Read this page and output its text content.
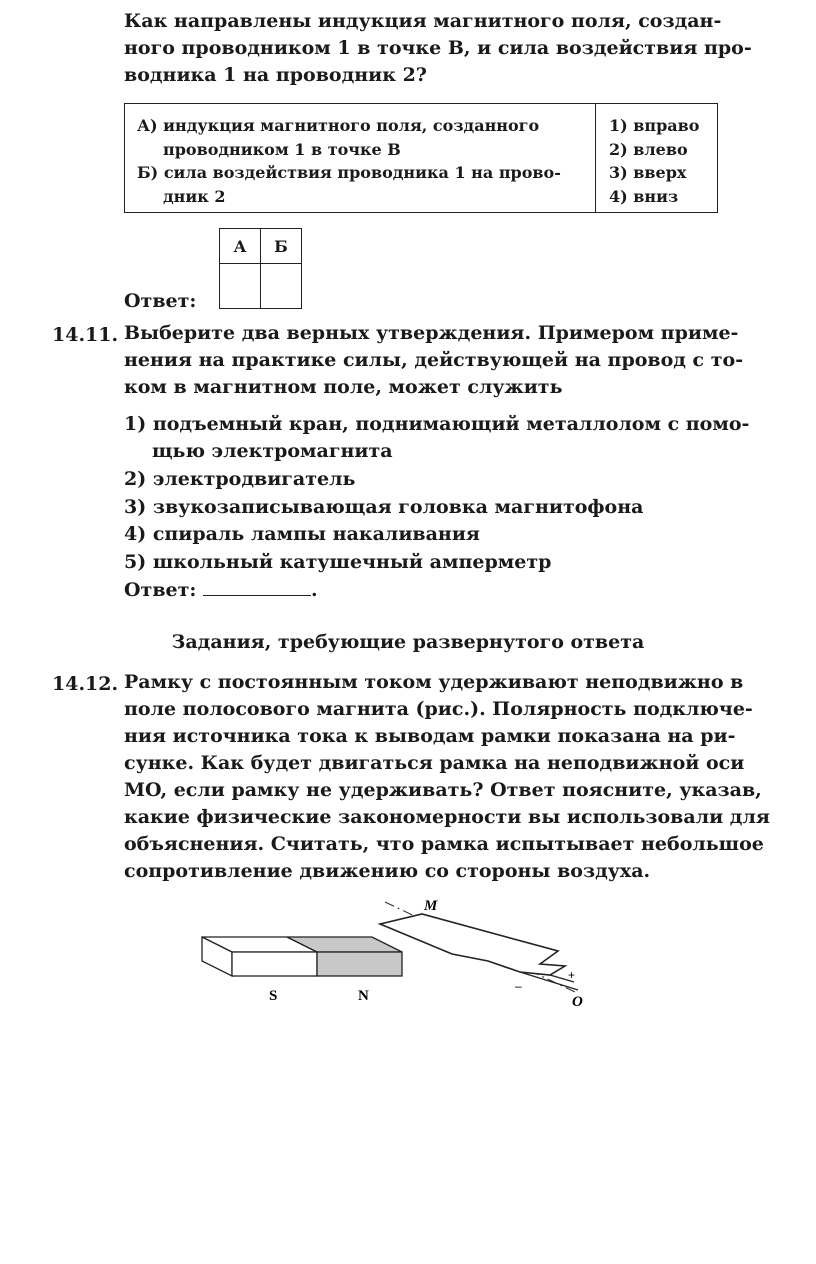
Как направлены индукция магнитного поля, создан-
ного проводником 1 в точке B, и сила воздействия про-
водника 1 на проводник 2?
А) индукция магнитного поля, созданного
проводником 1 в точке B
Б) сила воздействия проводника 1 на прово-
дник 2
1) вправо
2) влево
3) вверх
4) вниз
А	Б

Ответ:
14.11. Выберите два верных утверждения. Примером приме-
нения на практике силы, действующей на провод с то-
ком в магнитном поле, может служить
1) подъемный кран, поднимающий металлолом с помо-
щью электромагнита
2) электродвигатель
3) звукозаписывающая головка магнитофона
4) спираль лампы накаливания
5) школьный катушечный амперметр
Ответ:	.
Задания, требующие развернутого ответа
14.12. Рамку с постоянным током удерживают неподвижно в
поле полосового магнита (рис.). Полярность подключе-
ния источника тока к выводам рамки показана на ри-
сунке. Как будет двигаться рамка на неподвижной оси
MO, если рамку не удерживать? Ответ поясните, указав,
какие физические закономерности вы использовали для
объяснения. Считать, что рамка испытывает небольшое
сопротивление движению со стороны воздуха.
S	N
M
O
+
–
